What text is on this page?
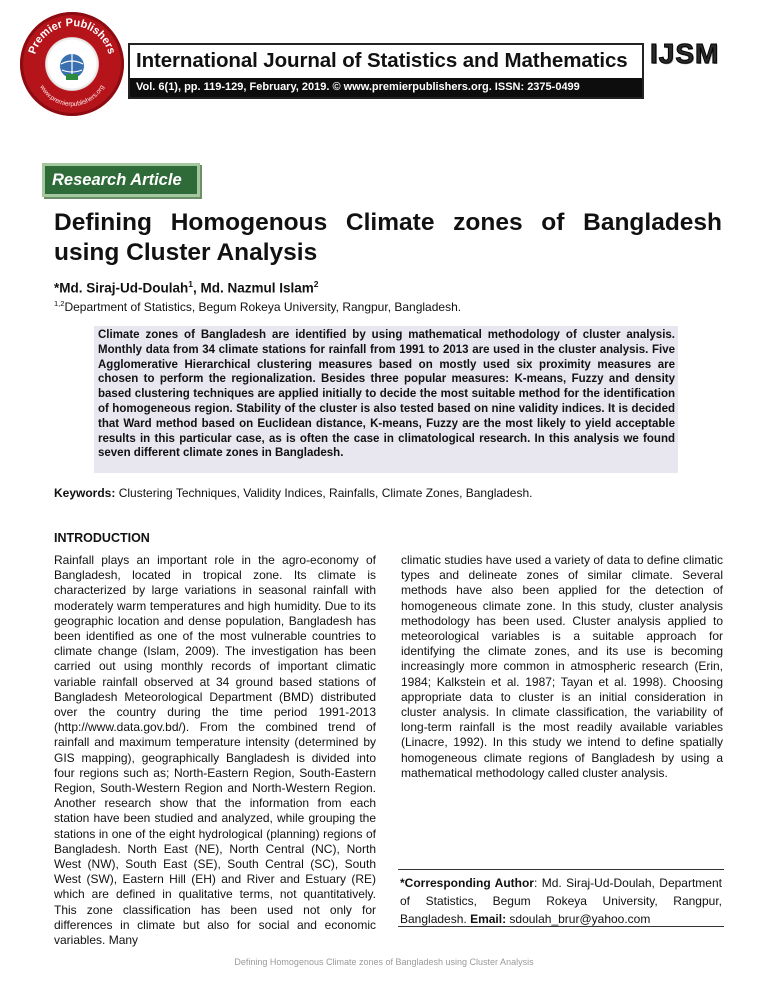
Premier Publishers
www.premierpublishers.org
International Journal of Statistics and Mathematics
Vol. 6(1), pp. 119-129, February, 2019. © www.premierpublishers.org. ISSN: 2375-0499
IJSM
Research Article
Defining Homogenous Climate zones of Bangladesh using Cluster Analysis
*Md. Siraj-Ud-Doulah$^1$, Md. Nazmul Islam$^2$
$^{1,2}$Department of Statistics, Begum Rokeya University, Rangpur, Bangladesh.
Climate zones of Bangladesh are identified by using mathematical methodology of cluster analysis. Monthly data from 34 climate stations for rainfall from 1991 to 2013 are used in the cluster analysis. Five Agglomerative Hierarchical clustering measures based on mostly used six proximity measures are chosen to perform the regionalization. Besides three popular measures: K-means, Fuzzy and density based clustering techniques are applied initially to decide the most suitable method for the identification of homogeneous region. Stability of the cluster is also tested based on nine validity indices. It is decided that Ward method based on Euclidean distance, K-means, Fuzzy are the most likely to yield acceptable results in this particular case, as is often the case in climatological research. In this analysis we found seven different climate zones in Bangladesh.
Keywords: Clustering Techniques, Validity Indices, Rainfalls, Climate Zones, Bangladesh.
INTRODUCTION
Rainfall plays an important role in the agro-economy of Bangladesh, located in tropical zone. Its climate is characterized by large variations in seasonal rainfall with moderately warm temperatures and high humidity. Due to its geographic location and dense population, Bangladesh has been identified as one of the most vulnerable countries to climate change (Islam, 2009). The investigation has been carried out using monthly records of important climatic variable rainfall observed at 34 ground based stations of Bangladesh Meteorological Department (BMD) distributed over the country during the time period 1991-2013 (http://www.data.gov.bd/). From the combined trend of rainfall and maximum temperature intensity (determined by GIS mapping), geographically Bangladesh is divided into four regions such as; North-Eastern Region, South-Eastern Region, South-Western Region and North-Western Region. Another research show that the information from each station have been studied and analyzed, while grouping the stations in one of the eight hydrological (planning) regions of Bangladesh. North East (NE), North Central (NC), North West (NW), South East (SE), South Central (SC), South West (SW), Eastern Hill (EH) and River and Estuary (RE) which are defined in qualitative terms, not quantitatively. This zone classification has been used not only for differences in climate but also for social and economic variables. Many
climatic studies have used a variety of data to define climatic types and delineate zones of similar climate. Several methods have also been applied for the detection of homogeneous climate zone. In this study, cluster analysis methodology has been used. Cluster analysis applied to meteorological variables is a suitable approach for identifying the climate zones, and its use is becoming increasingly more common in atmospheric research (Erin, 1984; Kalkstein et al. 1987; Tayan et al. 1998). Choosing appropriate data to cluster is an initial consideration in cluster analysis. In climate classification, the variability of long-term rainfall is the most readily available variables (Linacre, 1992). In this study we intend to define spatially homogeneous climate regions of Bangladesh by using a mathematical methodology called cluster analysis.
*Corresponding Author: Md. Siraj-Ud-Doulah, Department of Statistics, Begum Rokeya University, Rangpur, Bangladesh. Email: sdoulah_brur@yahoo.com
Defining Homogenous Climate zones of Bangladesh using Cluster Analysis
